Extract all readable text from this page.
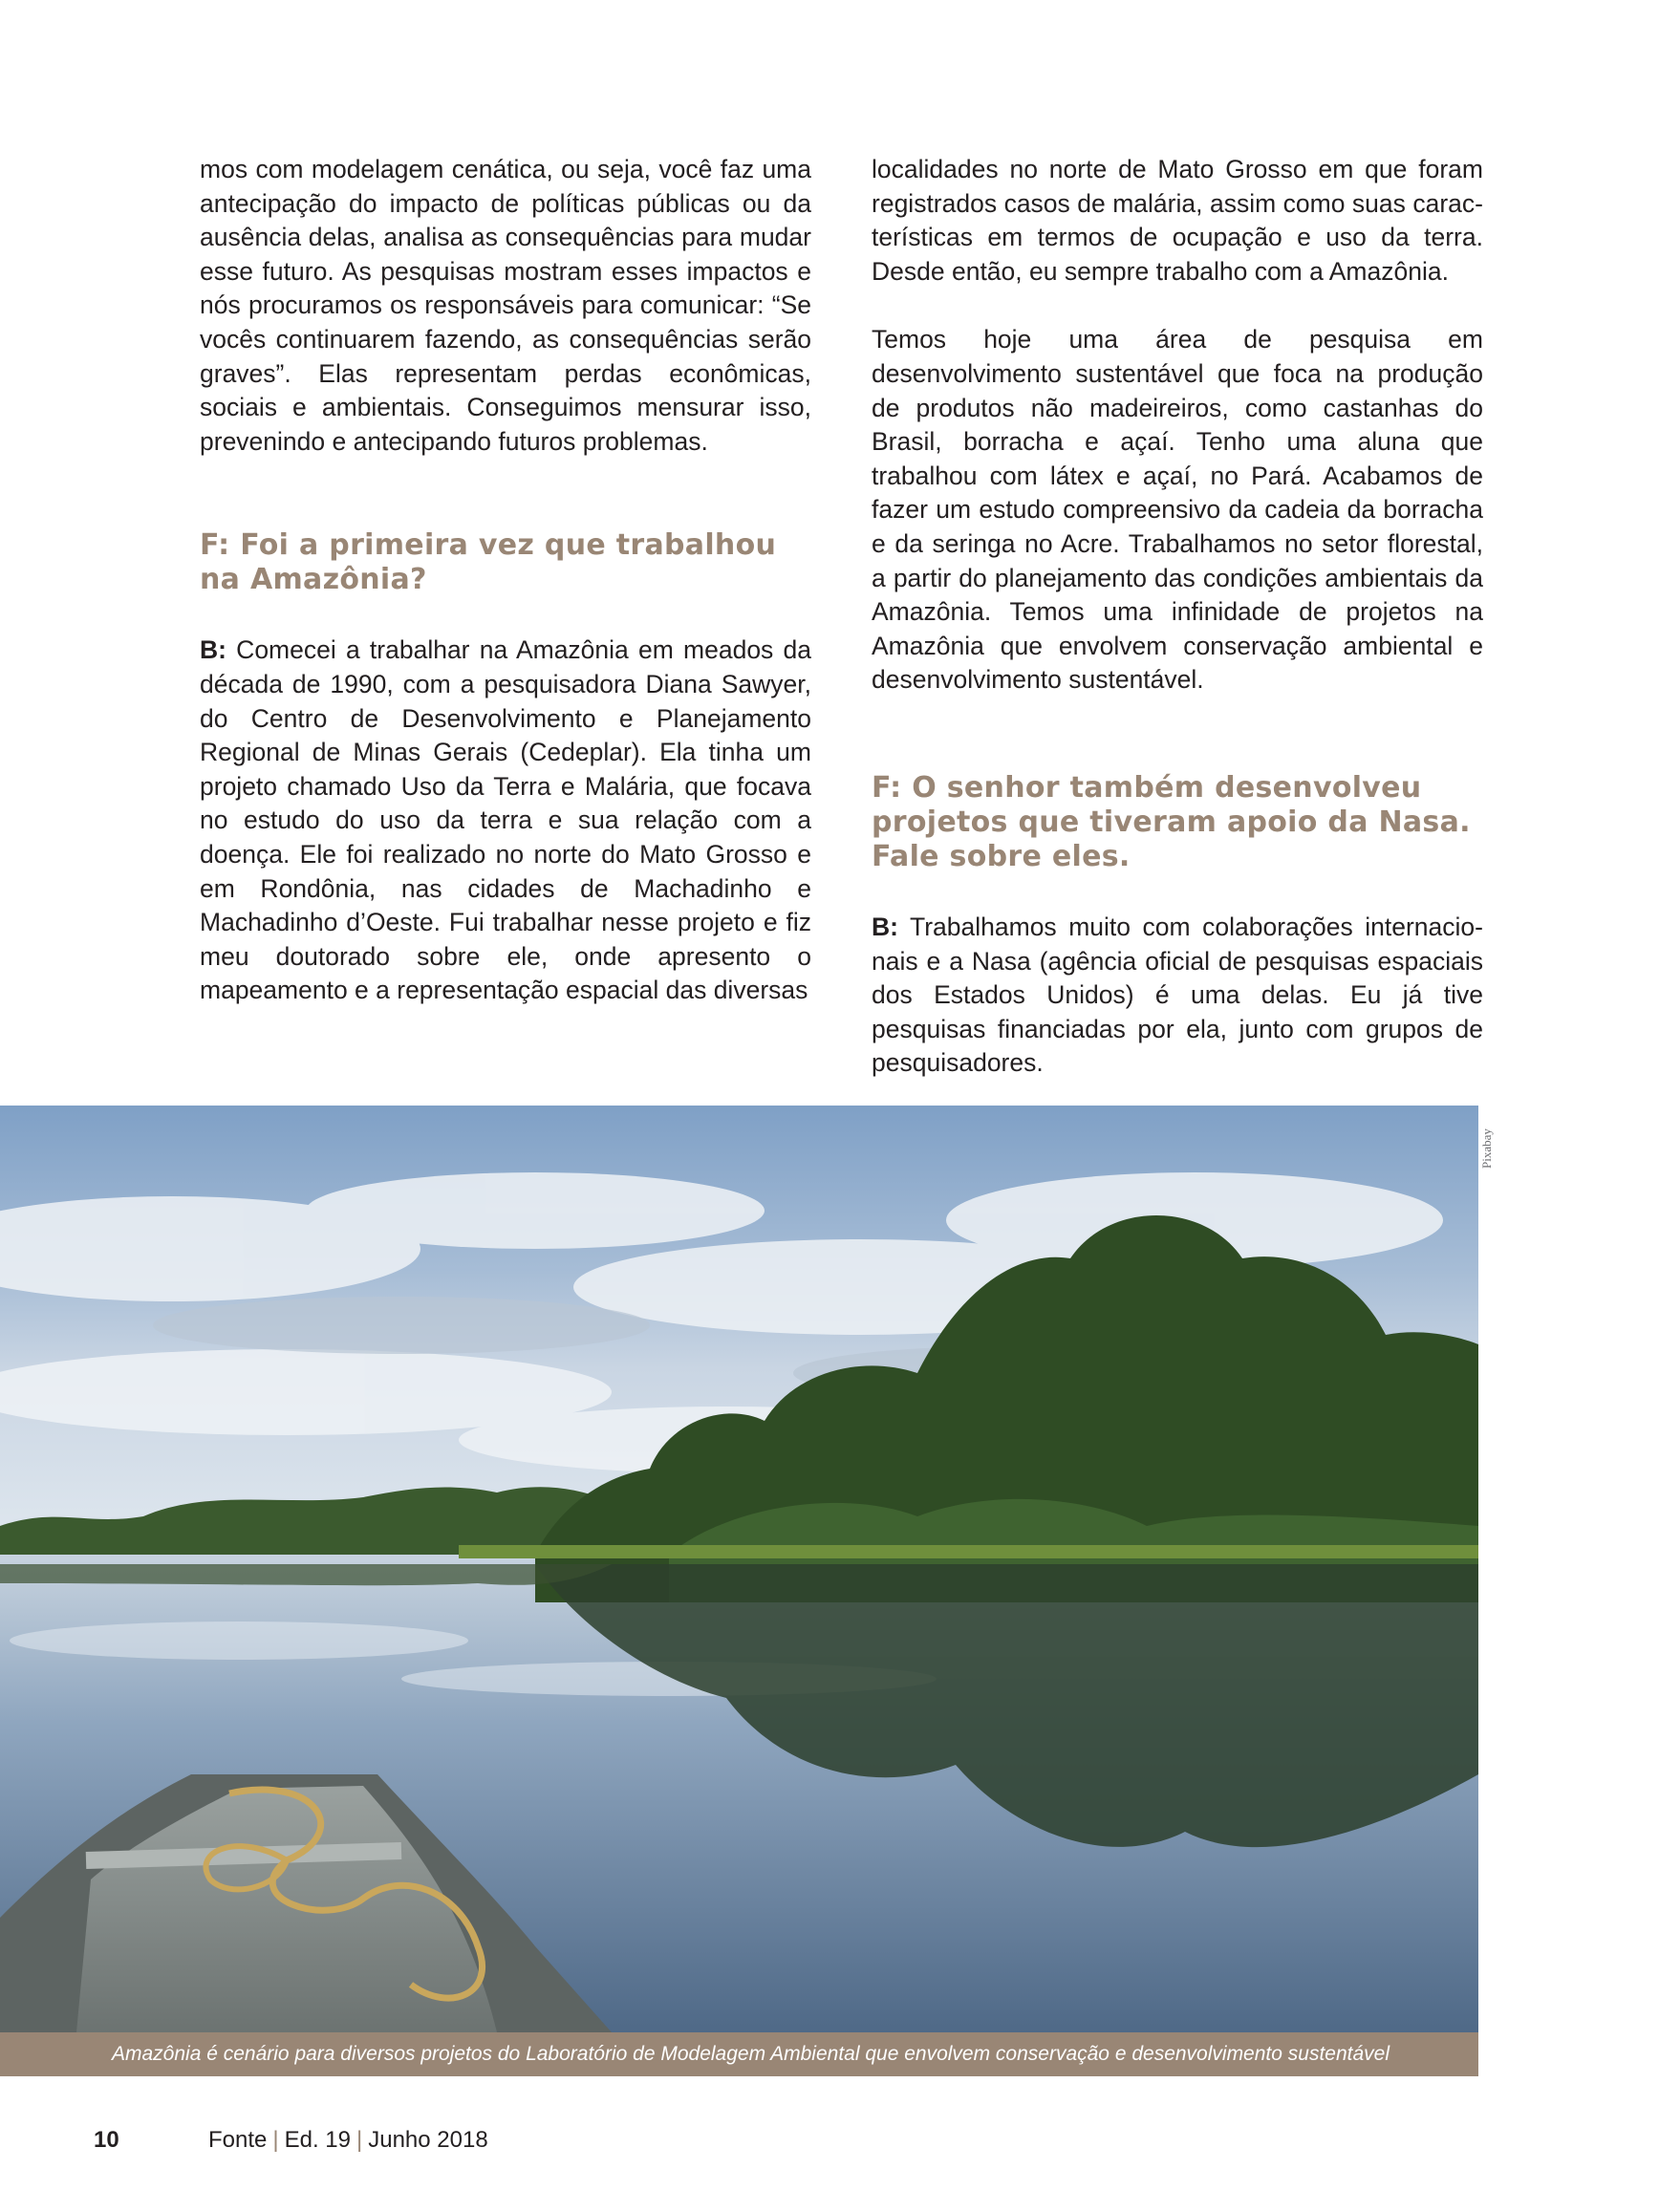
mos com modelagem cenática, ou seja, você faz uma antecipação do impacto de políticas públicas ou da ausência delas, analisa as consequências para mudar esse futuro. As pesquisas mostram esses impactos e nós procuramos os responsáveis para comunicar: “Se vocês continuarem fazendo, as consequências serão graves”. Elas representam perdas econômicas, sociais e ambientais. Conseguimos mensurar isso, prevenindo e antecipando futuros problemas.

F: Foi a primeira vez que trabalhou na Amazônia?

B: Comecei a trabalhar na Amazônia em meados da década de 1990, com a pesquisadora Diana Sawyer, do Centro de Desenvolvimento e Planejamento Regional de Minas Gerais (Cedeplar). Ela tinha um projeto chamado Uso da Terra e Malária, que focava no estudo do uso da terra e sua relação com a doença. Ele foi realizado no norte do Mato Grosso e em Rondônia, nas cidades de Machadinho e Machadinho d’Oeste. Fui trabalhar nesse projeto e fiz meu doutorado sobre ele, onde apresento o mapeamento e a representação espacial das diversas

localidades no norte de Mato Grosso em que foram registrados casos de malária, assim como suas características em termos de ocupação e uso da terra. Desde então, eu sempre trabalho com a Amazônia.

Temos hoje uma área de pesquisa em desenvolvimento sustentável que foca na produção de produtos não madeireiros, como castanhas do Brasil, borracha e açaí. Tenho uma aluna que trabalhou com látex e açaí, no Pará. Acabamos de fazer um estudo compreensivo da cadeia da borracha e da seringa no Acre. Trabalhamos no setor florestal, a partir do planejamento das condições ambientais da Amazônia. Temos uma infinidade de projetos na Amazônia que envolvem conservação ambiental e desenvolvimento sustentável.

F: O senhor também desenvolveu projetos que tiveram apoio da Nasa. Fale sobre eles.

B: Trabalhamos muito com colaborações internacionais e a Nasa (agência oficial de pesquisas espaciais dos Estados Unidos) é uma delas. Eu já tive pesquisas financiadas por ela, junto com grupos de pesquisadores.

Pixabay
Amazônia é cenário para diversos projetos do Laboratório de Modelagem Ambiental que envolvem conservação e desenvolvimento sustentável
10	Fonte | Ed. 19 | Junho 2018
